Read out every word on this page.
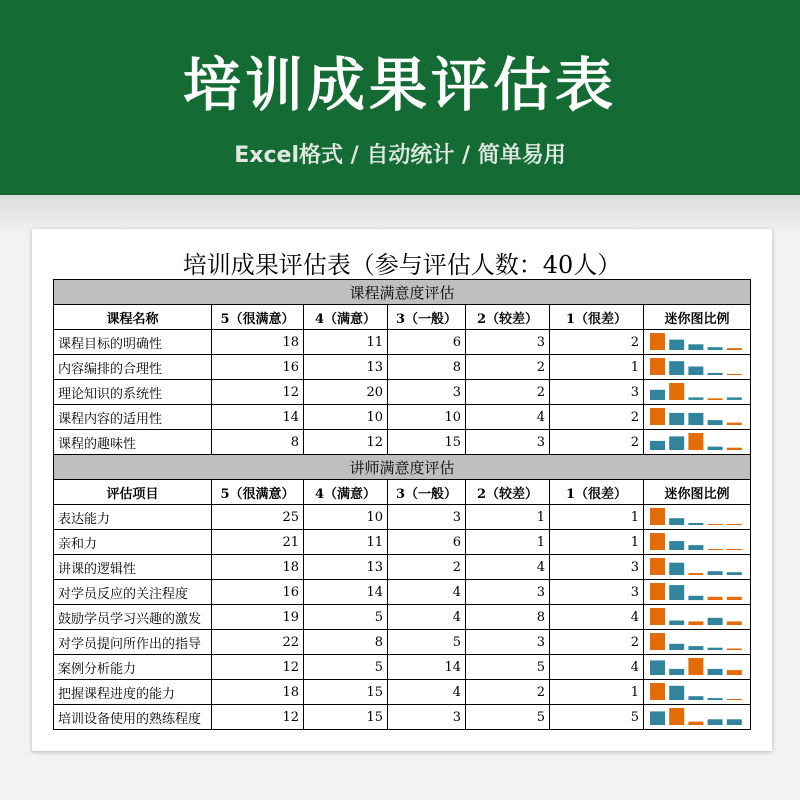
培训成果评估表
Excel格式 / 自动统计 / 简单易用
培训成果评估表（参与评估人数：40人）
课程满意度评估						
课程名称	5（很满意）	4（满意）	3（一般）	2（较差）	1（很差）	迷你图比例
课程目标的明确性	18	11	6	3	2	

内容编排的合理性	16	13	8	2	1	

理论知识的系统性	12	20	3	2	3	

课程内容的适用性	14	10	10	4	2	

课程的趣味性	8	12	15	3	2	

讲师满意度评估						
评估项目	5（很满意）	4（满意）	3（一般）	2（较差）	1（很差）	迷你图比例
表达能力	25	10	3	1	1	

亲和力	21	11	6	1	1	

讲课的逻辑性	18	13	2	4	3	

对学员反应的关注程度	16	14	4	3	3	

鼓励学员学习兴趣的激发	19	5	4	8	4	

对学员提问所作出的指导	22	8	5	3	2	

案例分析能力	12	5	14	5	4	

把握课程进度的能力	18	15	4	2	1	

培训设备使用的熟练程度	12	15	3	5	5	
